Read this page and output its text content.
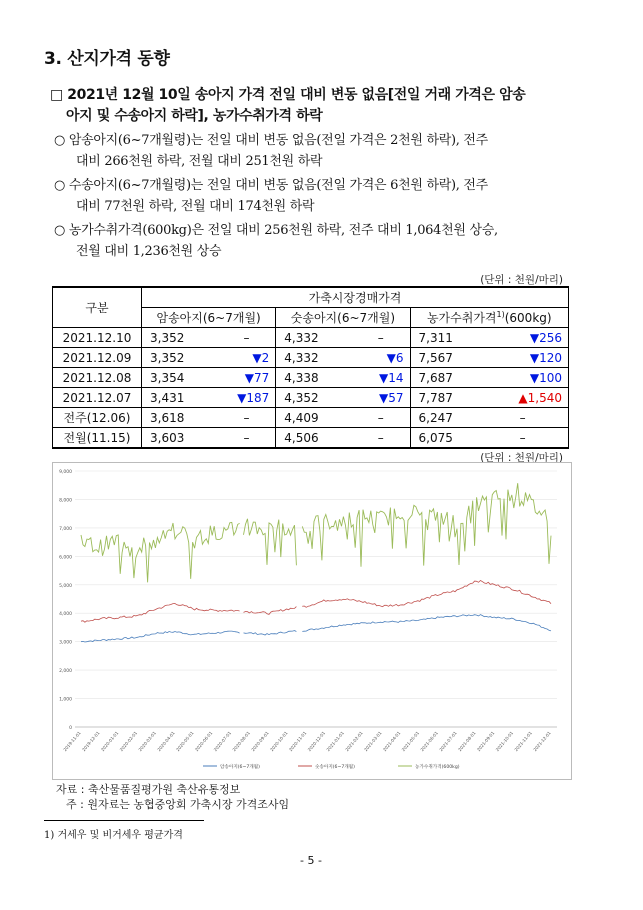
3. 산지가격 동향
□ 2021년 12월 10일 송아지 가격 전일 대비 변동 없음[전일 거래 가격은 암송
아지 및 수송아지 하락], 농가수취가격 하락
○ 암송아지(6~7개월령)는 전일 대비 변동 없음(전일 가격은 2천원 하락), 전주
대비 266천원 하락, 전월 대비 251천원 하락
○ 수송아지(6~7개월령)는 전일 대비 변동 없음(전일 가격은 6천원 하락), 전주
대비 77천원 하락, 전월 대비 174천원 하락
○ 농가수취가격(600kg)은 전일 대비 256천원 하락, 전주 대비 1,064천원 상승,
전월 대비 1,236천원 상승
(단위 : 천원/마리)
구분	가축시장경매가격					
	암송아지(6~7개월)		숫송아지(6~7개월)		농가수취가격$^{1)}$(600kg)	
2021.12.10	3,352	–	4,332	–	7,311	▼256
2021.12.09	3,352	▼2	4,332	▼6	7,567	▼120
2021.12.08	3,354	▼77	4,338	▼14	7,687	▼100
2021.12.07	3,431	▼187	4,352	▼57	7,787	▲1,540
전주(12.06)	3,618	–	4,409	–	6,247	–
전월(11.15)	3,603	–	4,506	–	6,075	–
(단위 : 천원/마리)
0
1,000
2,000
3,000
4,000
5,000
6,000
7,000
8,000
9,000
2019-11-01 2019-12-01 2020-01-01 2020-02-01 2020-03-01 2020-04-01 2020-05-01 2020-06-01 2020-07-01 2020-08-01 2020-09-01 2020-10-01 2020-11-01 2020-12-01 2021-01-01 2021-02-01 2021-03-01 2021-04-01 2021-05-01 2021-06-01 2021-07-01 2021-08-01 2021-09-01 2021-10-01 2021-11-01 2021-12-01
암송아지(6~7개월)	숫송아지(6~7개월)	농가수취가격(600kg)
자료 : 축산물품질평가원 축산유통정보
주 : 원자료는 농협중앙회 가축시장 가격조사임
1) 거세우 및 비거세우 평균가격
- 5 -
